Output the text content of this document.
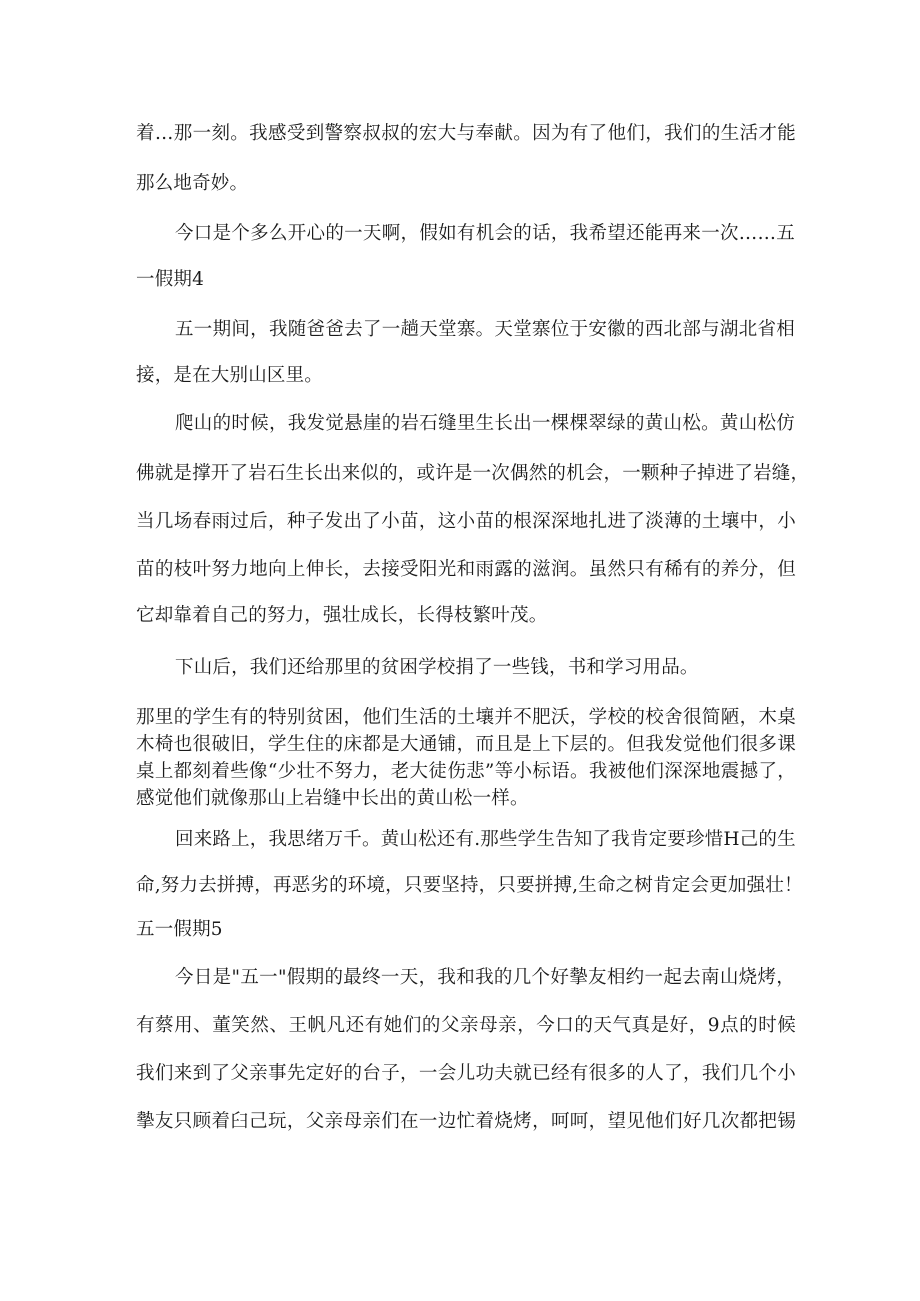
着…那一刻。我感受到警察叔叔的宏大与奉献。因为有了他们，我们的生活才能
那么地奇妙。
今口是个多么开心的一天啊，假如有机会的话，我希望还能再来一次……五
一假期4
五一期间，我随爸爸去了一趟天堂寨。天堂寨位于安徽的西北部与湖北省相
接，是在大别山区里。
爬山的时候，我发觉悬崖的岩石缝里生长出一棵棵翠绿的黄山松。黄山松仿
佛就是撑开了岩石生长出来似的，或许是一次偶然的机会，一颗种子掉进了岩缝，
当几场春雨过后，种子发出了小苗，这小苗的根深深地扎进了淡薄的土壤中，小
苗的枝叶努力地向上伸长，去接受阳光和雨露的滋润。虽然只有稀有的养分，但
它却靠着自己的努力，强壮成长，长得枝繁叶茂。
下山后，我们还给那里的贫困学校捐了一些钱，书和学习用品。
那里的学生有的特别贫困，他们生活的土壤并不肥沃，学校的校舍很简陋，木桌
木椅也很破旧，学生住的床都是大通铺，而且是上下层的。但我发觉他们很多课
桌上都刻着些像“少壮不努力，老大徒伤悲”等小标语。我被他们深深地震撼了，
感觉他们就像那山上岩缝中长出的黄山松一样。
回来路上，我思绪万千。黄山松还有.那些学生告知了我肯定要珍惜H己的生
命,努力去拼搏，再恶劣的环境，只要坚持，只要拼搏,生命之树肯定会更加强壮！
五一假期5
今日是"五一"假期的最终一天，我和我的几个好摰友相约一起去南山烧烤，
有蔡用、董笑然、王帆凡还有她们的父亲母亲，今口的天气真是好，9点的时候
我们来到了父亲事先定好的台子，一会儿功夫就已经有很多的人了，我们几个小
摰友只顾着臼己玩，父亲母亲们在一边忙着烧烤，呵呵，望见他们好几次都把锡
